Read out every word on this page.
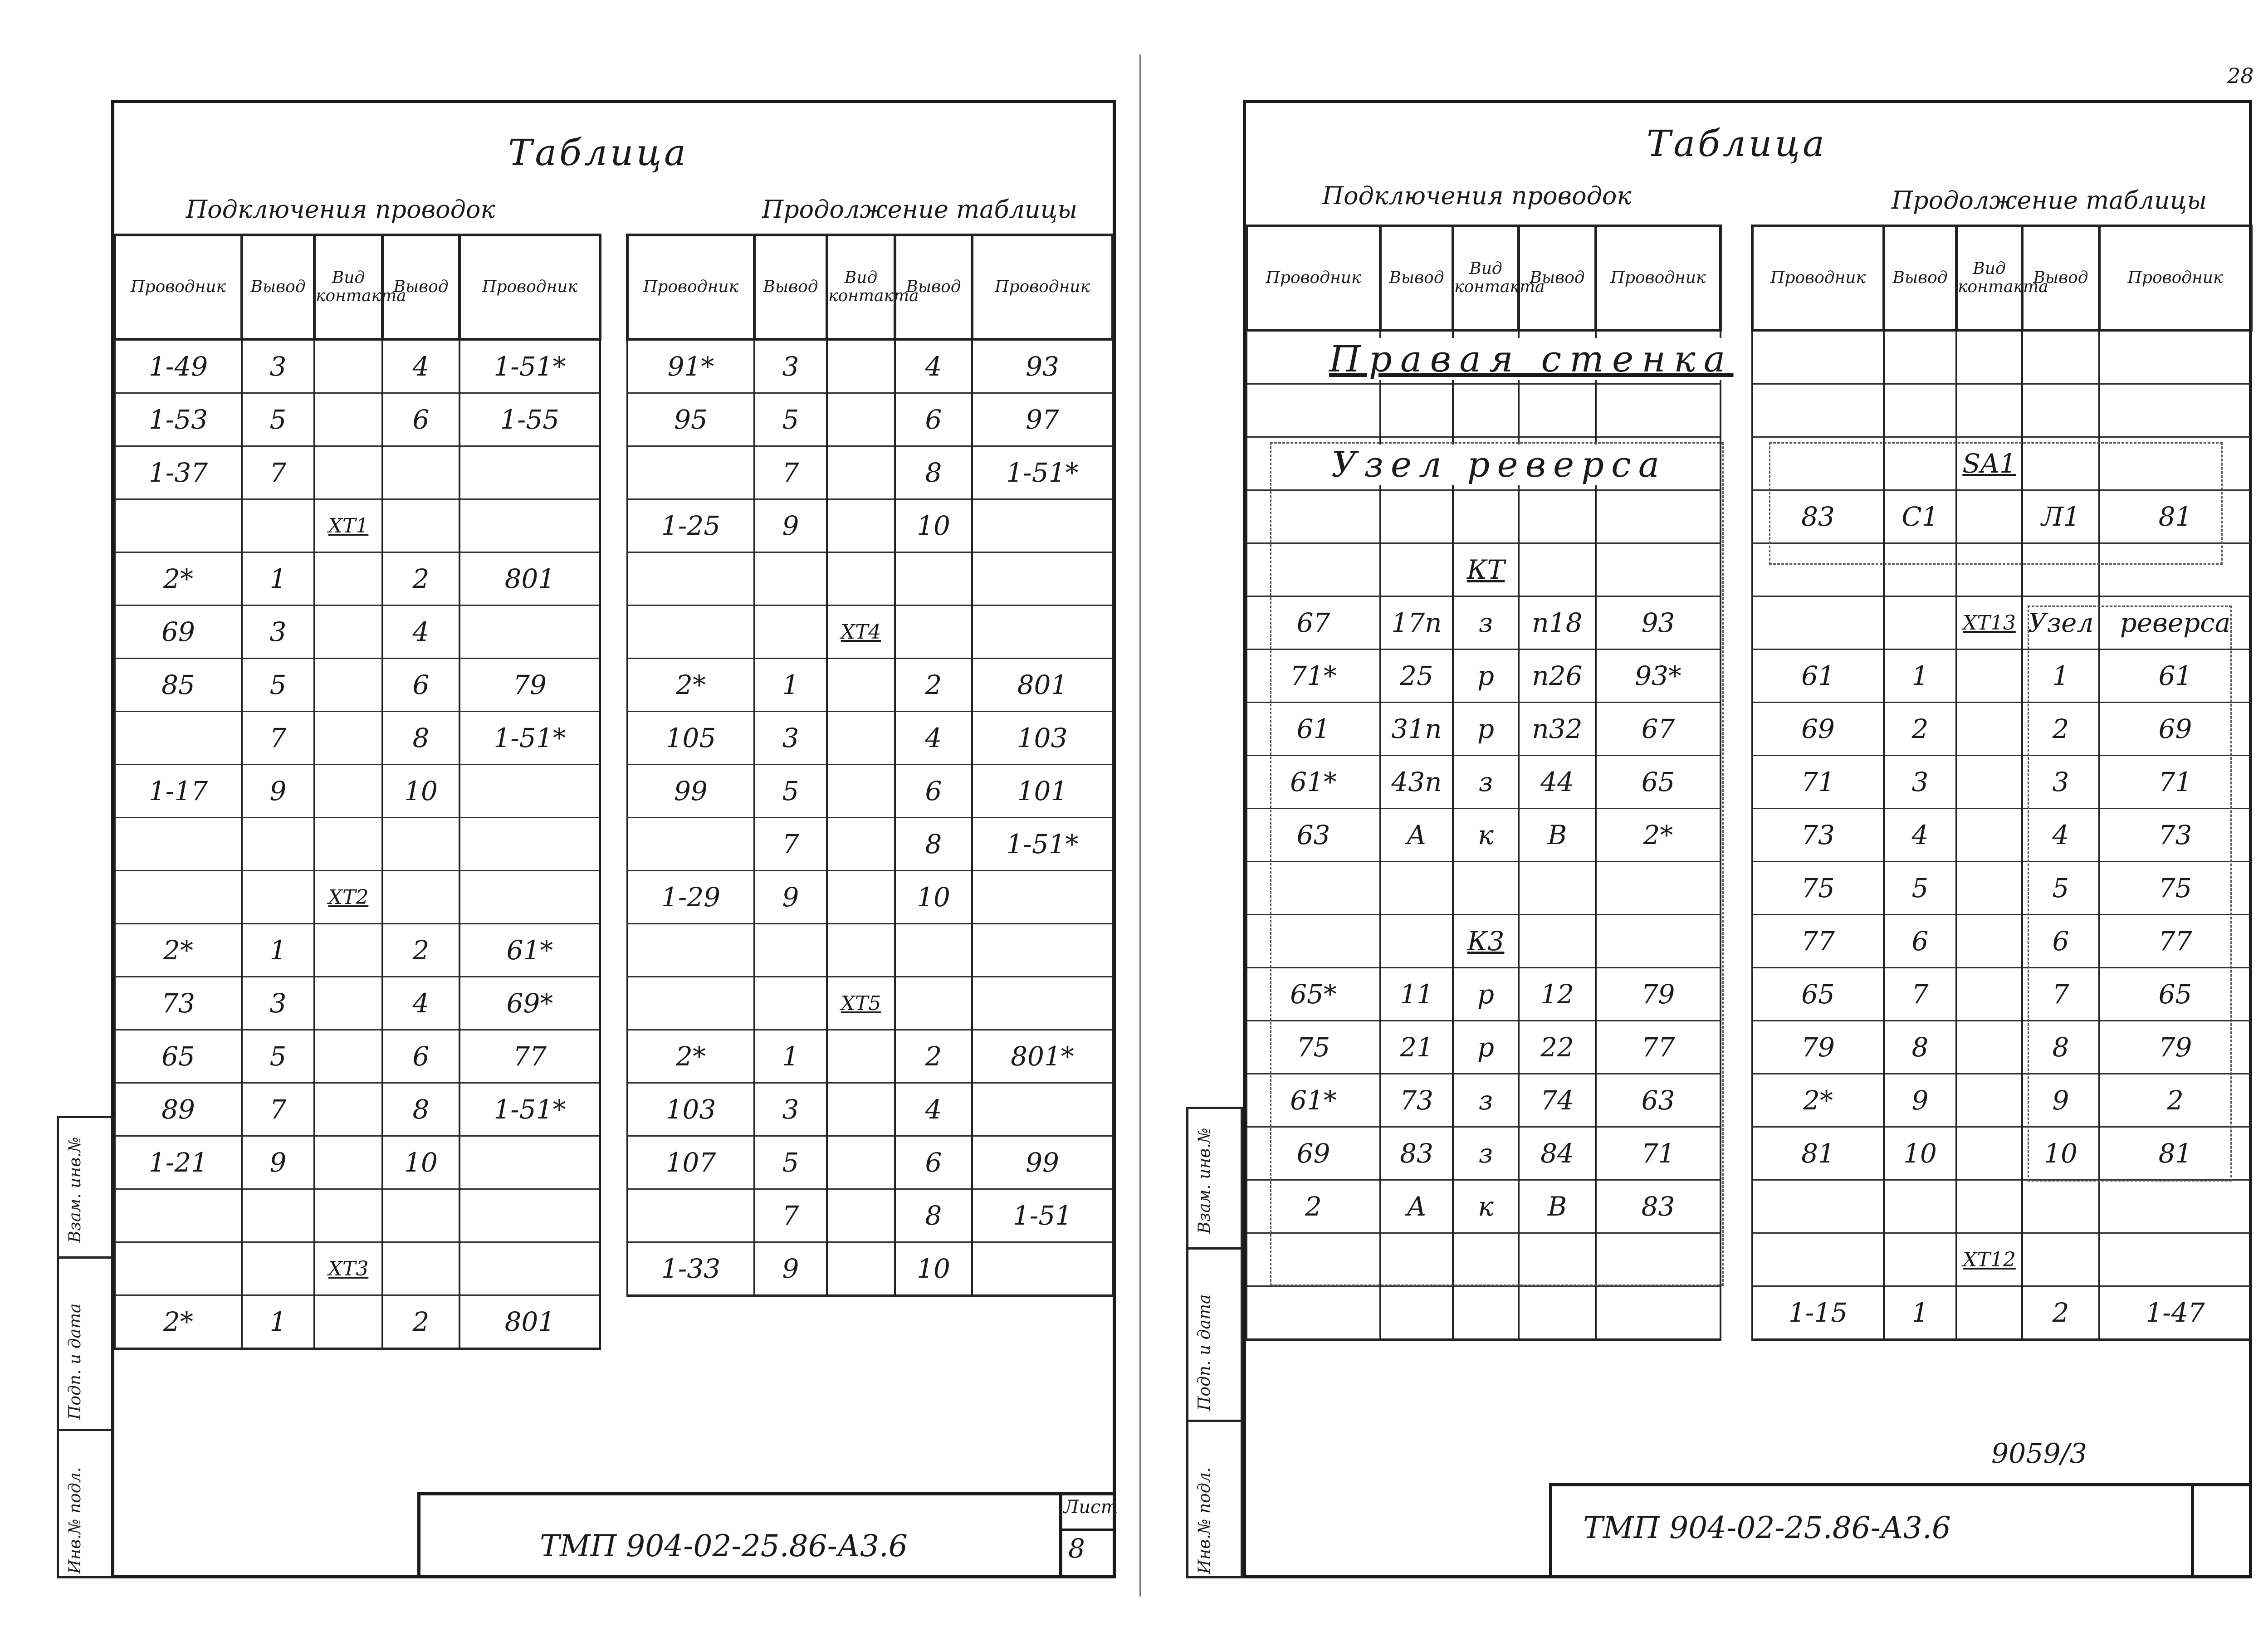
Таблица
Подключения проводок	Продолжение таблицы
Проводник	Вывод	Вид контакта	Вывод	Проводник
1-49	3		4	1-51*
1-53	5		6	1-55
1-37	7			
		XT1		
2*	1		2	801
69	3		4	
85	5		6	79
	7		8	1-51*
1-17	9		10	

		XT2		
2*	1		2	61*
73	3		4	69*
65	5		6	77
89	7		8	1-51*
1-21	9		10	

		XT3		
2*	1		2	801
Проводник	Вывод	Вид контакта	Вывод	Проводник
91*	3		4	93
95	5		6	97
	7		8	1-51*
1-25	9		10	

		XT4		
2*	1		2	801
105	3		4	103
99	5		6	101
	7		8	1-51*
1-29	9		10	

		XT5		
2*	1		2	801*
103	3		4	
107	5		6	99
	7		8	1-51
1-33	9		10	
Взам. инв.№
Подп. и дата
Инв.№ подл.	ТМП 904-02-25.86-А3.6
Лист
8
Таблица
Подключения проводок	Продолжение таблицы
28
Проводник	Вывод	Вид контакта	Вывод	Проводник

		КТ		
67	17п	з	п18	93
71*	25	р	п26	93*
61	31п	р	п32	67
61*	43п	з	44	65
63	А	к	В	2*

		К3		
65*	11	р	12	79
75	21	р	22	77
61*	73	з	74	63
69	83	з	84	71
2	А	к	В	83

Проводник	Вывод	Вид контакта	Вывод	Проводник

		SA1		
83	С1		Л1	81

		XT13	Узел	реверса
61	1		1	61
69	2		2	69
71	3		3	71
73	4		4	73
75	5		5	75
77	6		6	77
65	7		7	65
79	8		8	79
2*	9		9	2
81	10		10	81

		XT12		
1-15	1		2	1-47
Правая стенка
Узел реверса
Взам. инв.№
Подп. и дата
Инв.№ подл.	ТМП 904-02-25.86-А3.6
9059/3
